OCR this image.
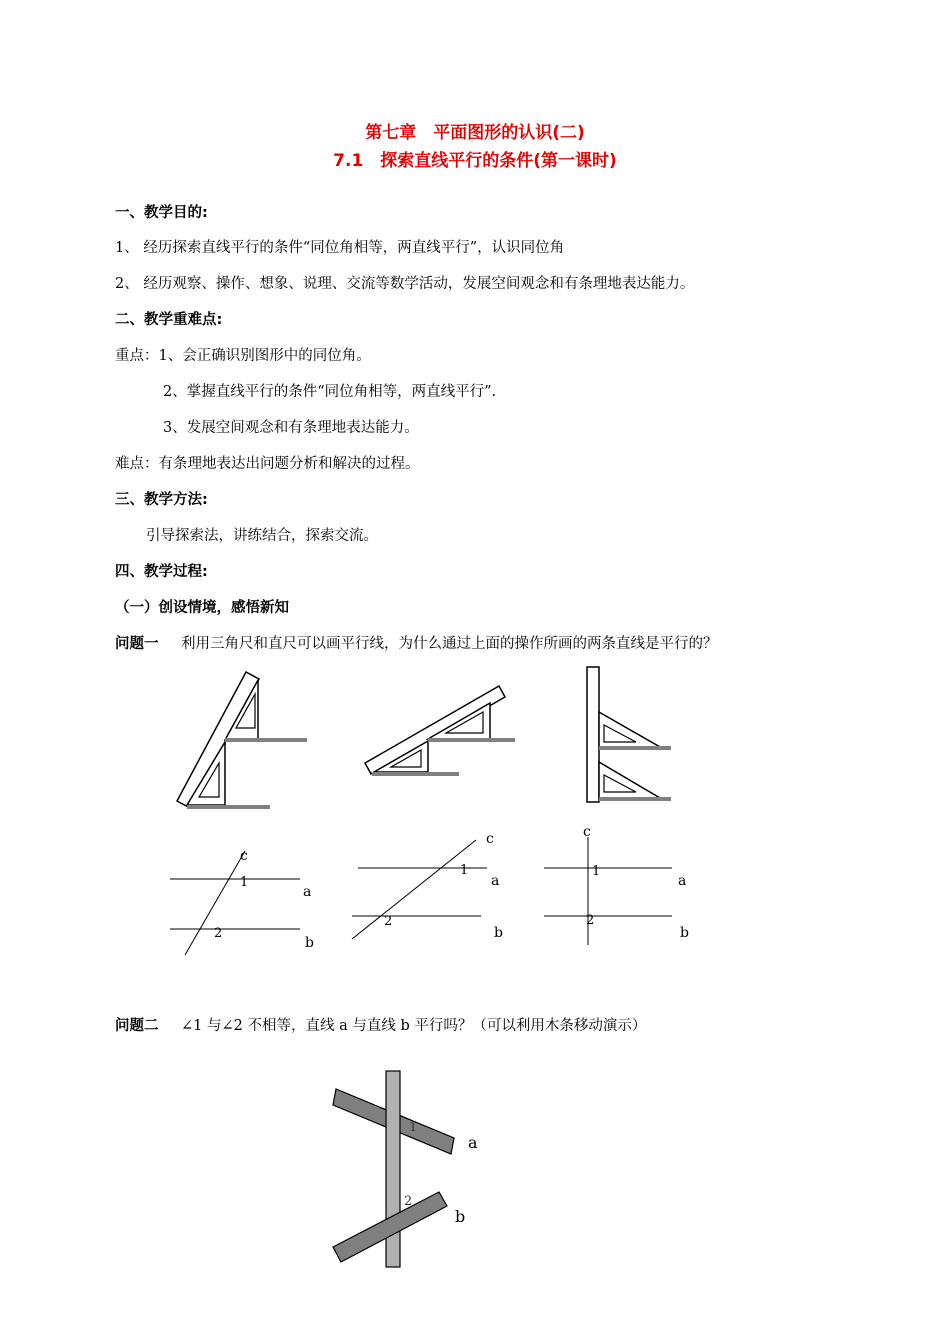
第七章　平面图形的认识(二)
7.1　探索直线平行的条件(第一课时)
一、教学目的:
1、 经历探索直线平行的条件“同位角相等，两直线平行”，认识同位角
2、 经历观察、操作、想象、说理、交流等数学活动，发展空间观念和有条理地表达能力。
二、教学重难点:
重点：1、会正确识别图形中的同位角。
2、掌握直线平行的条件“同位角相等，两直线平行”.
3、发展空间观念和有条理地表达能力。
难点：有条理地表达出问题分析和解决的过程。
三、教学方法:
引导探索法，讲练结合，探索交流。
四、教学过程:
（一）创设情境，感悟新知
问题一 利用三角尺和直尺可以画平行线，为什么通过上面的操作所画的两条直线是平行的？
问题二 ∠1 与∠2 不相等，直线 a 与直线 b 平行吗？（可以利用木条移动演示）
c
1
a
2
b
c
1
a
2
b
c
1
a
2
b
1
a
2
b
